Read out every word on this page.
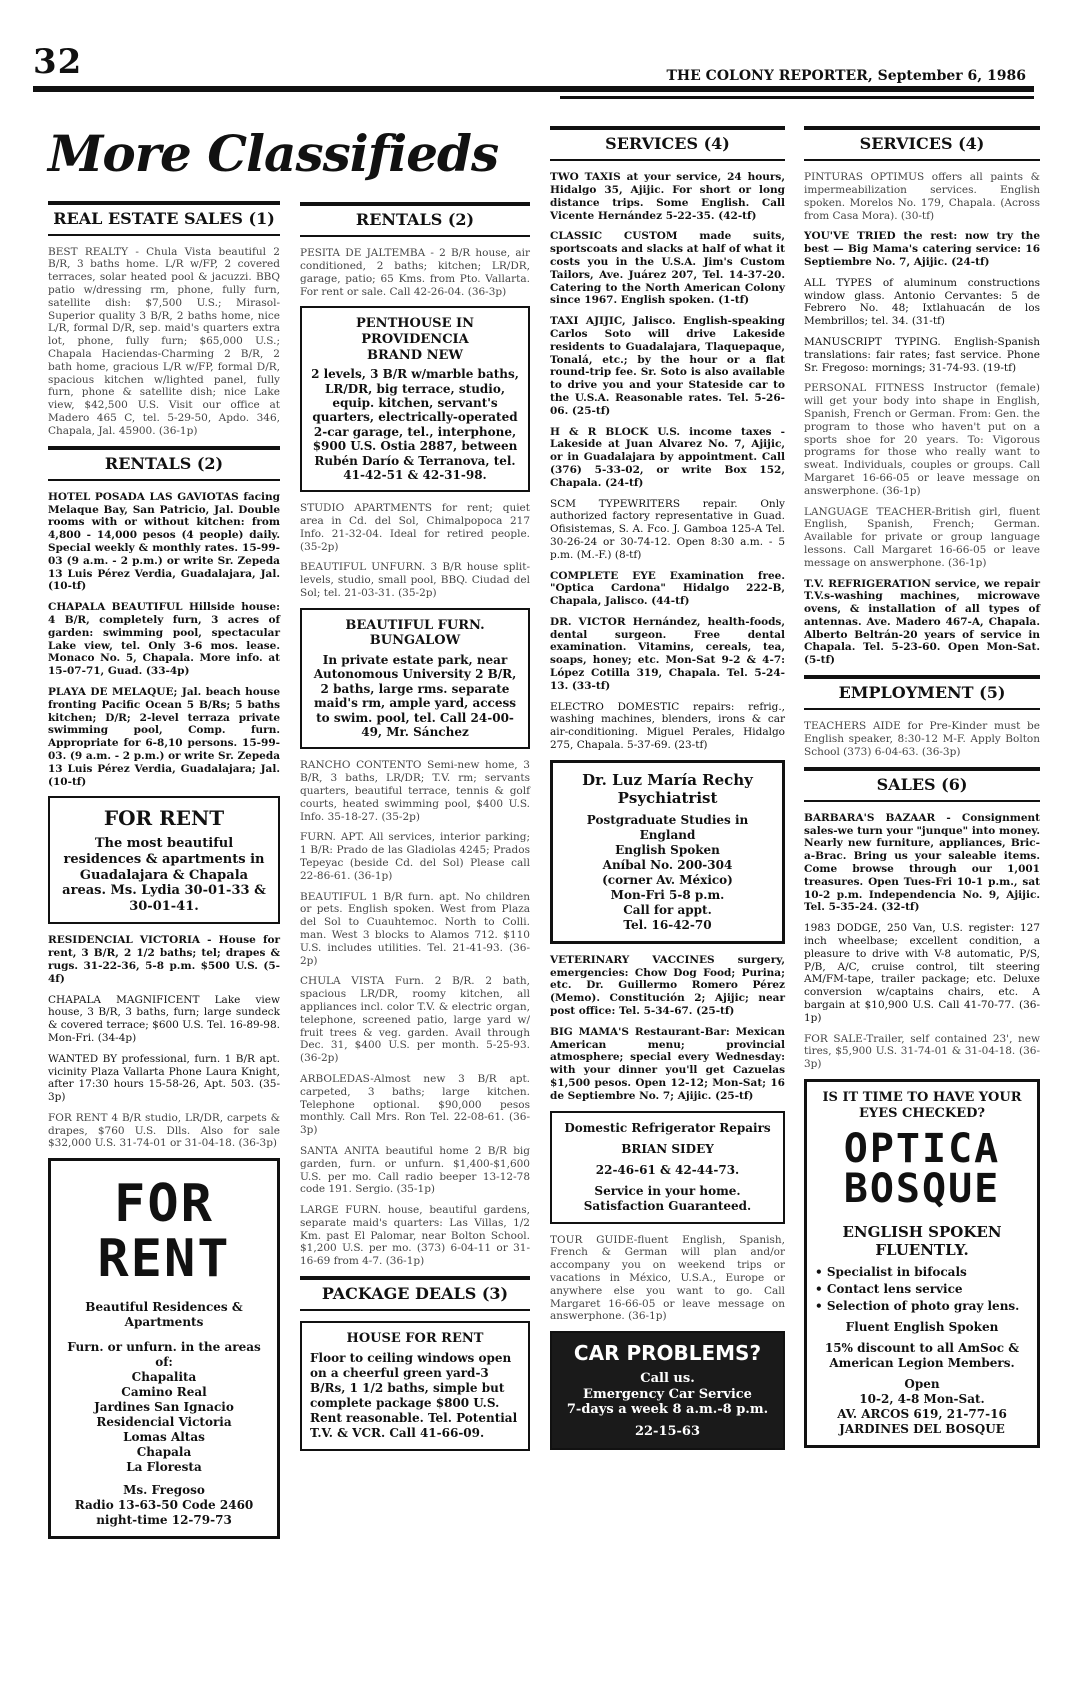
32	THE COLONY REPORTER, September 6, 1986
More Classifieds
REAL ESTATE SALES (1)

BEST REALTY - Chula Vista beautiful 2 B/R, 3 baths home. L/R w/FP, 2 covered terraces, solar heated pool & jacuzzi. BBQ patio w/dressing rm, phone, fully furn, satellite dish: $7,500 U.S.; Mirasol-Superior quality 3 B/R, 2 baths home, nice L/R, formal D/R, sep. maid's quarters extra lot, phone, fully furn; $65,000 U.S.; Chapala Haciendas-Charming 2 B/R, 2 bath home, gracious L/R w/FP, formal D/R, spacious kitchen w/lighted panel, fully furn, phone & satellite dish; nice Lake view, $42,500 U.S. Visit our office at Madero 465 C, tel. 5-29-50, Apdo. 346, Chapala, Jal. 45900. (36-1p)

RENTALS (2)

HOTEL POSADA LAS GAVIOTAS facing Melaque Bay, San Patricio, Jal. Double rooms with or without kitchen: from 4,800 - 14,000 pesos (4 people) daily. Special weekly & monthly rates. 15-99-03 (9 a.m. - 2 p.m.) or write Sr. Zepeda 13 Luis Pérez Verdia, Guadalajara, Jal. (10-tf)

CHAPALA BEAUTIFUL Hillside house: 4 B/R, completely furn, 3 acres of garden: swimming pool, spectacular Lake view, tel. Only 3-6 mos. lease. Monaco No. 5, Chapala. More info. at 15-07-71, Guad. (33-4p)

PLAYA DE MELAQUE; Jal. beach house fronting Pacific Ocean 5 B/Rs; 5 baths kitchen; D/R; 2-level terraza private swimming pool, Comp. furn. Appropriate for 6-8,10 persons. 15-99-03. (9 a.m. - 2 p.m.) or write Sr. Zepeda 13 Luis Pérez Verdia, Guadalajara; Jal. (10-tf)

FOR RENT
The most beautiful residences & apartments in Guadalajara & Chapala areas. Ms. Lydia 30-01-33 & 30-01-41.

RESIDENCIAL VICTORIA - House for rent, 3 B/R, 2 1/2 baths; tel; drapes & rugs. 31-22-36, 5-8 p.m. $500 U.S. (5-4f)

CHAPALA MAGNIFICENT Lake view house, 3 B/R, 3 baths, furn; large sundeck & covered terrace; $600 U.S. Tel. 16-89-98. Mon-Fri. (34-4p)

WANTED BY professional, furn. 1 B/R apt. vicinity Plaza Vallarta Phone Laura Knight, after 17:30 hours 15-58-26, Apt. 503. (35-3p)

FOR RENT 4 B/R studio, LR/DR, carpets & drapes, $760 U.S. Dlls. Also for sale $32,000 U.S. 31-74-01 or 31-04-18. (36-3p)

FOR RENT
Beautiful Residences & Apartments
Furn. or unfurn. in the areas of:
Chapalita
Camino Real
Jardines San Ignacio
Residencial Victoria
Lomas Altas
Chapala
La Floresta
Ms. Fregoso
Radio 13-63-50 Code 2460
night-time 12-79-73
RENTALS (2)

PESITA DE JALTEMBA - 2 B/R house, air conditioned, 2 baths; kitchen; LR/DR, garage, patio; 65 Kms. from Pto. Vallarta. For rent or sale. Call 42-26-04. (36-3p)

PENTHOUSE IN PROVIDENCIA
BRAND NEW
2 levels, 3 B/R w/marble baths, LR/DR, big terrace, studio, equip. kitchen, servant's quarters, electrically-operated 2-car garage, tel., interphone, $900 U.S. Ostia 2887, between Rubén Darío & Terranova, tel. 41-42-51 & 42-31-98.

STUDIO APARTMENTS for rent; quiet area in Cd. del Sol, Chimalpopoca 217 Info. 21-32-04. Ideal for retired people. (35-2p)

BEAUTIFUL UNFURN. 3 B/R house split-levels, studio, small pool, BBQ. Ciudad del Sol; tel. 21-03-31. (35-2p)

BEAUTIFUL FURN. BUNGALOW
In private estate park, near Autonomous University 2 B/R, 2 baths, large rms. separate maid's rm, ample yard, access to swim. pool, tel. Call 24-00-49, Mr. Sánchez

RANCHO CONTENTO Semi-new home, 3 B/R, 3 baths, LR/DR; T.V. rm; servants quarters, beautiful terrace, tennis & golf courts, heated swimming pool, $400 U.S. Info. 35-18-27. (35-2p)

FURN. APT. All services, interior parking; 1 B/R: Prado de las Gladiolas 4245; Prados Tepeyac (beside Cd. del Sol) Please call 22-86-61. (36-1p)

BEAUTIFUL 1 B/R furn. apt. No children or pets. English spoken. West from Plaza del Sol to Cuauhtemoc. North to Colli. man. West 3 blocks to Alamos 712. $110 U.S. includes utilities. Tel. 21-41-93. (36-2p)

CHULA VISTA Furn. 2 B/R. 2 bath, spacious LR/DR, roomy kitchen, all appliances incl. color T.V. & electric organ, telephone, screened patio, large yard w/ fruit trees & veg. garden. Avail through Dec. 31, $400 U.S. per month. 5-25-93. (36-2p)

ARBOLEDAS-Almost new 3 B/R apt. carpeted, 3 baths; large kitchen. Telephone optional. $90,000 pesos monthly. Call Mrs. Ron Tel. 22-08-61. (36-3p)

SANTA ANITA beautiful home 2 B/R big garden, furn. or unfurn. $1,400-$1,600 U.S. per mo. Call radio beeper 13-12-78 code 191. Sergio. (35-1p)

LARGE FURN. house, beautiful gardens, separate maid's quarters: Las Villas, 1/2 Km. past El Palomar, near Bolton School. $1,200 U.S. per mo. (373) 6-04-11 or 31-16-69 from 4-7. (36-1p)

PACKAGE DEALS (3)
HOUSE FOR RENT
Floor to ceiling windows open on a cheerful green yard-3 B/Rs, 1 1/2 baths, simple but complete package $800 U.S. Rent reasonable. Tel. Potential T.V. & VCR. Call 41-66-09.
SERVICES (4)

TWO TAXIS at your service, 24 hours, Hidalgo 35, Ajijic. For short or long distance trips. Some English. Call Vicente Hernández 5-22-35. (42-tf)

CLASSIC CUSTOM made suits, sportscoats and slacks at half of what it costs you in the U.S.A. Jim's Custom Tailors, Ave. Juárez 207, Tel. 14-37-20. Catering to the North American Colony since 1967. English spoken. (1-tf)

TAXI AJIJIC, Jalisco. English-speaking Carlos Soto will drive Lakeside residents to Guadalajara, Tlaquepaque, Tonalá, etc.; by the hour or a flat round-trip fee. Sr. Soto is also available to drive you and your Stateside car to the U.S.A. Reasonable rates. Tel. 5-26-06. (25-tf)

H & R BLOCK U.S. income taxes - Lakeside at Juan Alvarez No. 7, Ajijic, or in Guadalajara by appointment. Call (376) 5-33-02, or write Box 152, Chapala. (24-tf)

SCM TYPEWRITERS repair. Only authorized factory representative in Guad. Ofisistemas, S. A. Fco. J. Gamboa 125-A Tel. 30-26-24 or 30-74-12. Open 8:30 a.m. - 5 p.m. (M.-F.) (8-tf)

COMPLETE EYE Examination free. "Optica Cardona" Hidalgo 222-B, Chapala, Jalisco. (44-tf)

DR. VICTOR Hernández, health-foods, dental surgeon. Free dental examination. Vitamins, cereals, tea, soaps, honey; etc. Mon-Sat 9-2 & 4-7: López Cotilla 319, Chapala. Tel. 5-24-13. (33-tf)

ELECTRO DOMESTIC repairs: refrig., washing machines, blenders, irons & car air-conditioning. Miguel Perales, Hidalgo 275, Chapala. 5-37-69. (23-tf)

Dr. Luz María Rechy
Psychiatrist
Postgraduate Studies in England
English Spoken
Aníbal No. 200-304
(corner Av. México)
Mon-Fri 5-8 p.m.
Call for appt.
Tel. 16-42-70

VETERINARY VACCINES surgery, emergencies: Chow Dog Food; Purina; etc. Dr. Guillermo Romero Pérez (Memo). Constitución 2; Ajijic; near post office: Tel. 5-34-67. (25-tf)

BIG MAMA'S Restaurant-Bar: Mexican American menu; provincial atmosphere; special every Wednesday: with your dinner you'll get Cazuelas $1,500 pesos. Open 12-12; Mon-Sat; 16 de Septiembre No. 7; Ajijic. (25-tf)

Domestic Refrigerator Repairs
BRIAN SIDEY
22-46-61 & 42-44-73.
Service in your home. Satisfaction Guaranteed.

TOUR GUIDE-fluent English, Spanish, French & German will plan and/or accompany you on weekend trips or vacations in México, U.S.A., Europe or anywhere else you want to go. Call Margaret 16-66-05 or leave message on answerphone. (36-1p)

CAR PROBLEMS?
Call us.
Emergency Car Service
7-days a week 8 a.m.-8 p.m.
22-15-63
SERVICES (4)

PINTURAS OPTIMUS offers all paints & impermeabilization services. English spoken. Morelos No. 179, Chapala. (Across from Casa Mora). (30-tf)

YOU'VE TRIED the rest: now try the best — Big Mama's catering service: 16 Septiembre No. 7, Ajijic. (24-tf)

ALL TYPES of aluminum constructions window glass. Antonio Cervantes: 5 de Febrero No. 48; Ixtlahuacán de los Membrillos; tel. 34. (31-tf)

MANUSCRIPT TYPING. English-Spanish translations: fair rates; fast service. Phone Sr. Fregoso: mornings; 31-74-93. (19-tf)

PERSONAL FITNESS Instructor (female) will get your body into shape in English, Spanish, French or German. From: Gen. the program to those who haven't put on a sports shoe for 20 years. To: Vigorous programs for those who really want to sweat. Individuals, couples or groups. Call Margaret 16-66-05 or leave message on answerphone. (36-1p)

LANGUAGE TEACHER-British girl, fluent English, Spanish, French; German. Available for private or group language lessons. Call Margaret 16-66-05 or leave message on answerphone. (36-1p)

T.V. REFRIGERATION service, we repair T.V.s-washing machines, microwave ovens, & installation of all types of antennas. Ave. Madero 467-A, Chapala. Alberto Beltrán-20 years of service in Chapala. Tel. 5-23-60. Open Mon-Sat. (5-tf)

EMPLOYMENT (5)

TEACHERS AIDE for Pre-Kinder must be English speaker, 8:30-12 M-F. Apply Bolton School (373) 6-04-63. (36-3p)

SALES (6)

BARBARA'S BAZAAR - Consignment sales-we turn your "junque" into money. Nearly new furniture, appliances, Bric-a-Brac. Bring us your saleable items. Come browse through our 1,001 treasures. Open Tues-Fri 10-1 p.m., sat 10-2 p.m. Independencia No. 9, Ajijic. Tel. 5-35-24. (32-tf)

1983 DODGE, 250 Van, U.S. register: 127 inch wheelbase; excellent condition, a pleasure to drive with V-8 automatic, P/S, P/B, A/C, cruise control, tilt steering AM/FM-tape, trailer package; etc. Deluxe conversion w/captains chairs, etc. A bargain at $10,900 U.S. Call 41-70-77. (36-1p)

FOR SALE-Trailer, self contained 23', new tires, $5,900 U.S. 31-74-01 & 31-04-18. (36-3p)

IS IT TIME TO HAVE YOUR EYES CHECKED?
OPTICA BOSQUE
ENGLISH SPOKEN FLUENTLY.
• Specialist in bifocals
• Contact lens service
• Selection of photo gray lens.
Fluent English Spoken
15% discount to all AmSoc & American Legion Members.
Open
10-2, 4-8 Mon-Sat.
AV. ARCOS 619, 21-77-16
JARDINES DEL BOSQUE
